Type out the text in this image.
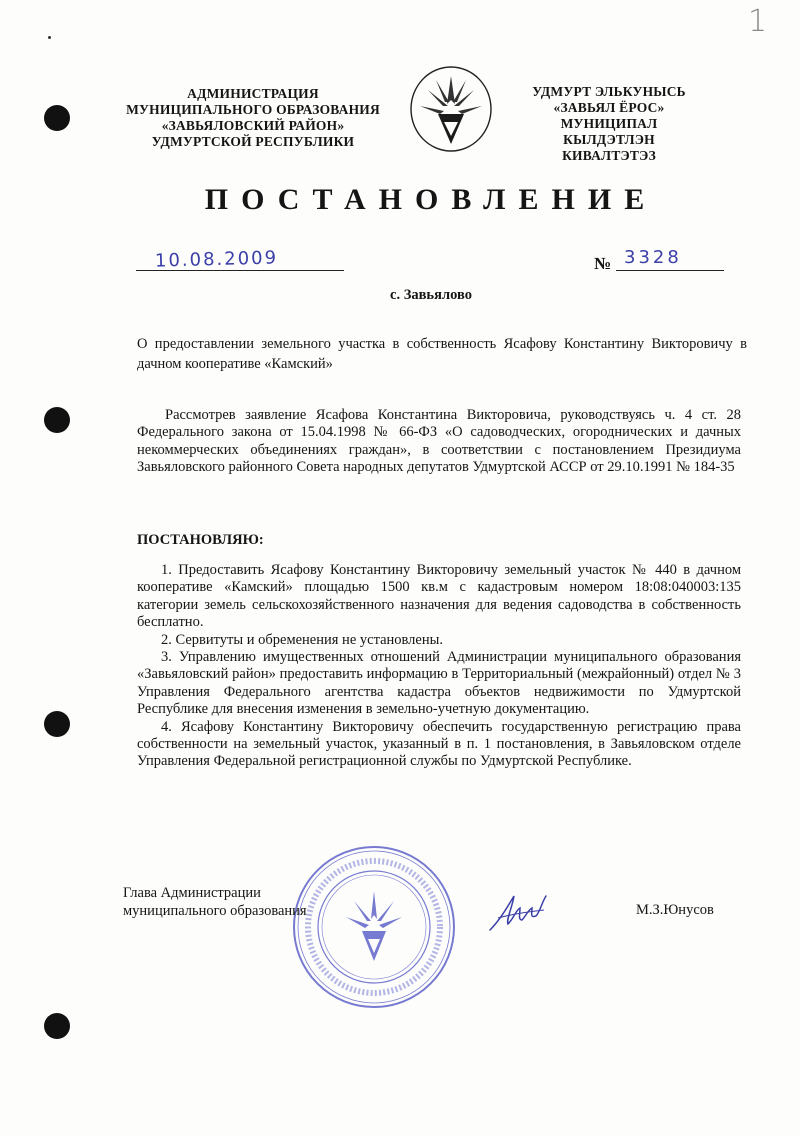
1
АДМИНИСТРАЦИЯ
МУНИЦИПАЛЬНОГО ОБРАЗОВАНИЯ
«ЗАВЬЯЛОВСКИЙ РАЙОН»
УДМУРТСКОЙ РЕСПУБЛИКИ
УДМУРТ ЭЛЬКУНЫСЬ
«ЗАВЬЯЛ ЁРОС»
МУНИЦИПАЛ КЫЛДЭТЛЭН
КИВАЛТЭТЭЗ
ПОСТАНОВЛЕНИЕ
10.08.2009	№ 3328
с. Завьялово
О предоставлении земельного участка в собственность Ясафову Константину Викторовичу в дачном кооперативе «Камский»

Рассмотрев заявление Ясафова Константина Викторовича, руководствуясь ч. 4 ст. 28 Федерального закона от 15.04.1998 № 66-ФЗ «О садоводческих, огороднических и дачных некоммерческих объединениях граждан», в соответствии с постановлением Президиума Завьяловского районного Совета народных депутатов Удмуртской АССР от 29.10.1991 № 184-35

ПОСТАНОВЛЯЮ:

1. Предоставить Ясафову Константину Викторовичу земельный участок № 440 в дачном кооперативе «Камский» площадью 1500 кв.м с кадастровым номером 18:08:040003:135 категории земель сельскохозяйственного назначения для ведения садоводства в собственность бесплатно.

2. Сервитуты и обременения не установлены.

3. Управлению имущественных отношений Администрации муниципального образования «Завьяловский район» предоставить информацию в Территориальный (межрайонный) отдел № 3 Управления Федерального агентства кадастра объектов недвижимости по Удмуртской Республике для внесения изменения в земельно-учетную документацию.

4. Ясафову Константину Викторовичу обеспечить государственную регистрацию права собственности на земельный участок, указанный в п. 1 постановления, в Завьяловском отделе Управления Федеральной регистрационной службы по Удмуртской Республике.

Глава Администрации
муниципального образования	М.З.Юнусов
